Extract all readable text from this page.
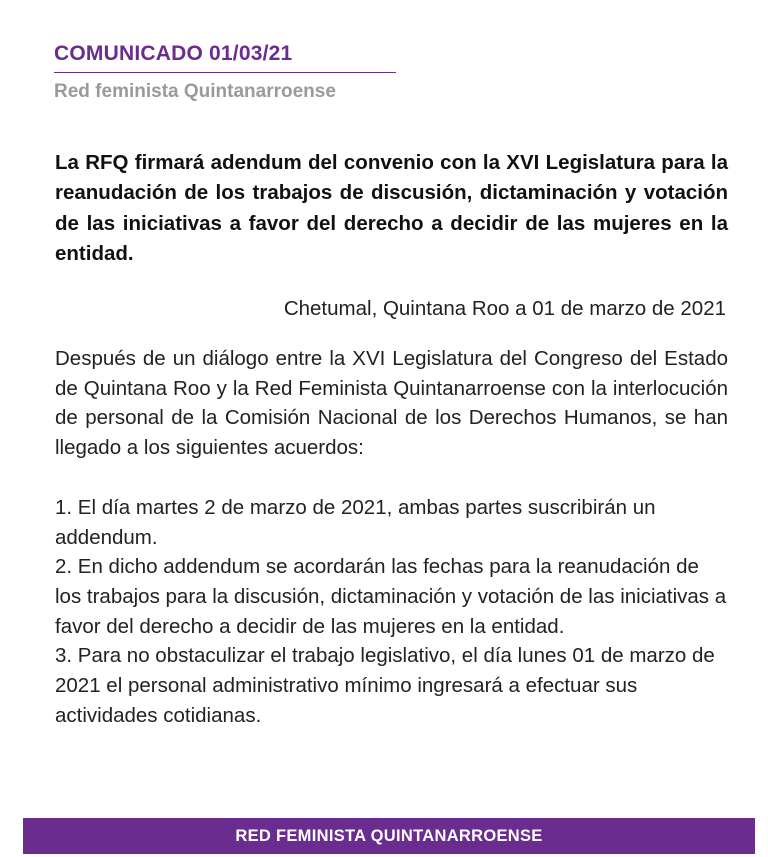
COMUNICADO 01/03/21
Red feminista Quintanarroense
La RFQ firmará adendum del convenio con la XVI Legislatura para la reanudación de los trabajos de discusión, dictaminación y votación de las iniciativas a favor del derecho a decidir de las mujeres en la entidad.
Chetumal, Quintana Roo a 01 de marzo de 2021

Después de un diálogo entre la XVI Legislatura del Congreso del Estado de Quintana Roo y la Red Feminista Quintanarroense con la interlocución de personal de la Comisión Nacional de los Derechos Humanos, se han llegado a los siguientes acuerdos:

1. El día martes 2 de marzo de 2021, ambas partes suscribirán un addendum.
2. En dicho addendum se acordarán las fechas para la reanudación de los trabajos para la discusión, dictaminación y votación de las iniciativas a favor del derecho a decidir de las mujeres en la entidad.
3. Para no obstaculizar el trabajo legislativo, el día lunes 01 de marzo de 2021 el personal administrativo mínimo ingresará a efectuar sus actividades cotidianas.
RED FEMINISTA QUINTANARROENSE
